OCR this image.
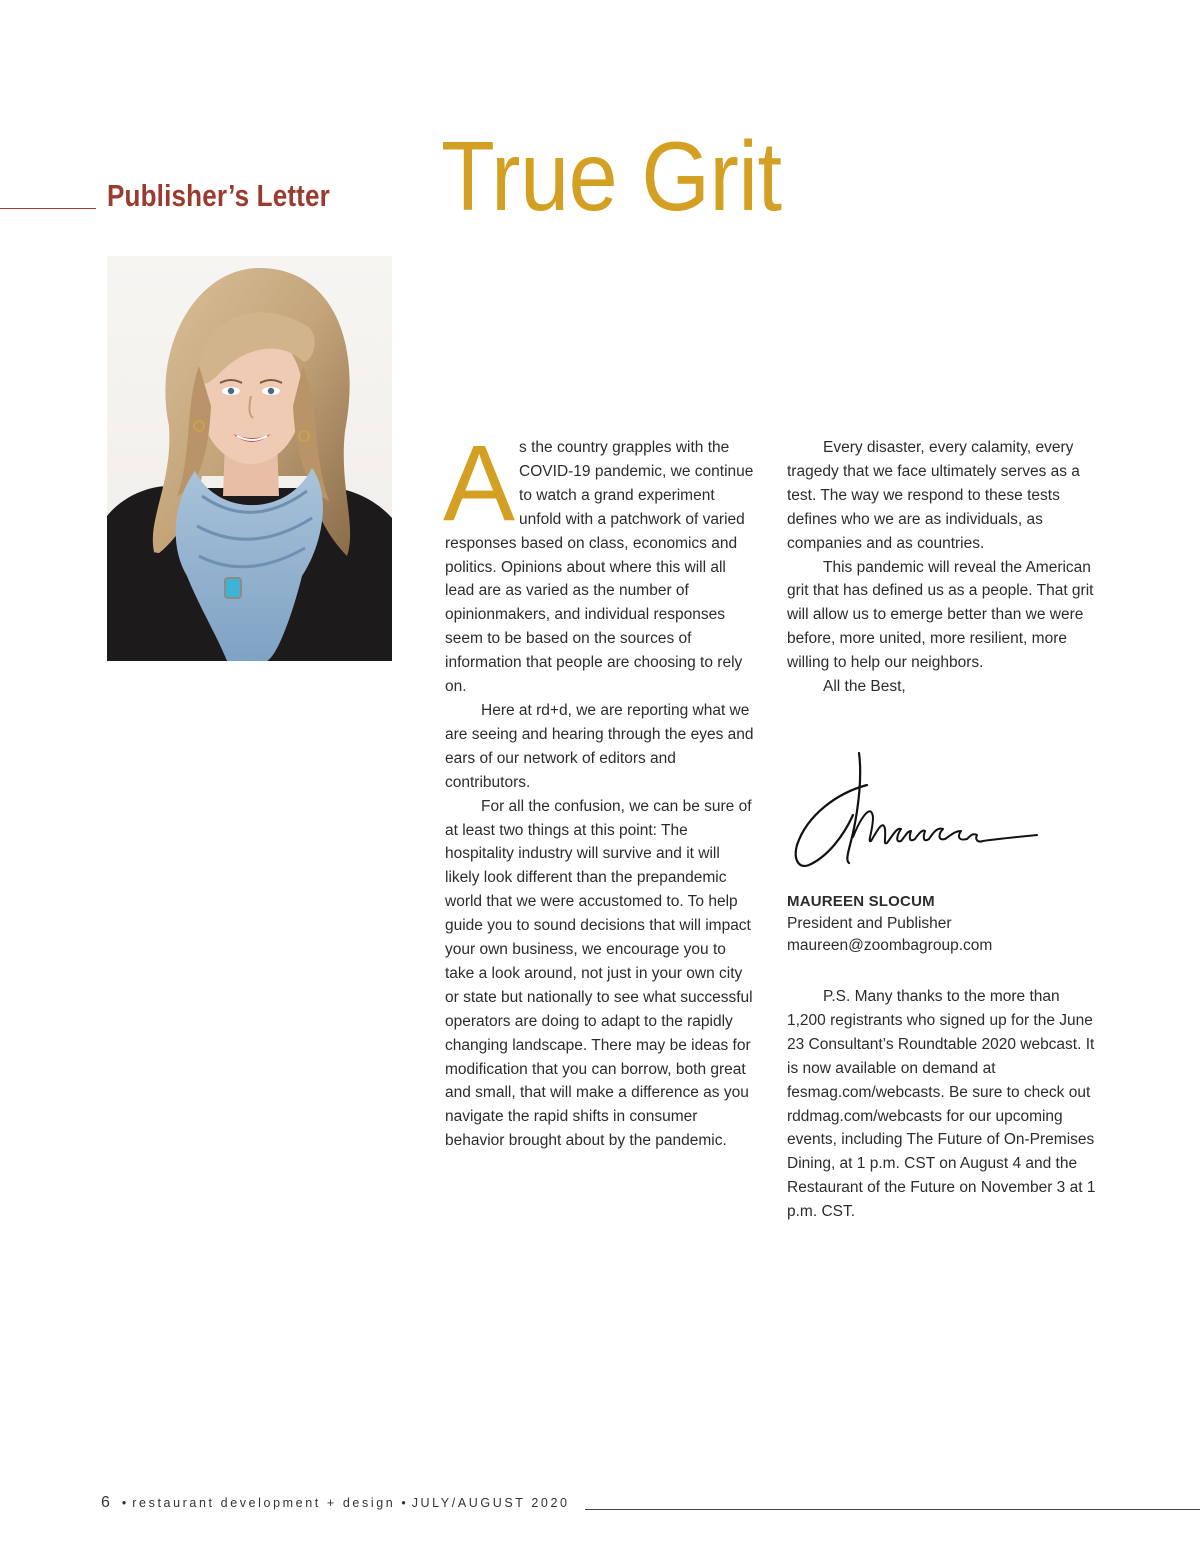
Publisher’s Letter True Grit

As the country grapples with the COVID-19 pandemic, we continue to watch a grand experiment unfold with a patchwork of varied responses based on class, economics and politics. Opinions about where this will all lead are as varied as the number of opinionmakers, and individual responses seem to be based on the sources of information that people are choosing to rely on.

Here at rd+d, we are reporting what we are seeing and hearing through the eyes and ears of our network of editors and contributors.

For all the confusion, we can be sure of at least two things at this point: The hospitality industry will survive and it will likely look different than the prepandemic world that we were accustomed to. To help guide you to sound decisions that will impact your own business, we encourage you to take a look around, not just in your own city or state but nationally to see what successful operators are doing to adapt to the rapidly changing landscape. There may be ideas for modification that you can borrow, both great and small, that will make a difference as you navigate the rapid shifts in consumer behavior brought about by the pandemic.

Every disaster, every calamity, every tragedy that we face ultimately serves as a test. The way we respond to these tests defines who we are as individuals, as companies and as countries.

This pandemic will reveal the American grit that has defined us as a people. That grit will allow us to emerge better than we were before, more united, more resilient, more willing to help our neighbors.

All the Best,

MAUREEN SLOCUM
President and Publisher
maureen@zoombagroup.com

P.S. Many thanks to the more than 1,200 registrants who signed up for the June 23 Consultant’s Roundtable 2020 webcast. It is now available on demand at fesmag.com/webcasts. Be sure to check out rddmag.com/webcasts for our upcoming events, including The Future of On-Premises Dining, at 1 p.m. CST on August 4 and the Restaurant of the Future on November 3 at 1 p.m. CST.

6 • restaurant development + design • JULY/AUGUST 2020
